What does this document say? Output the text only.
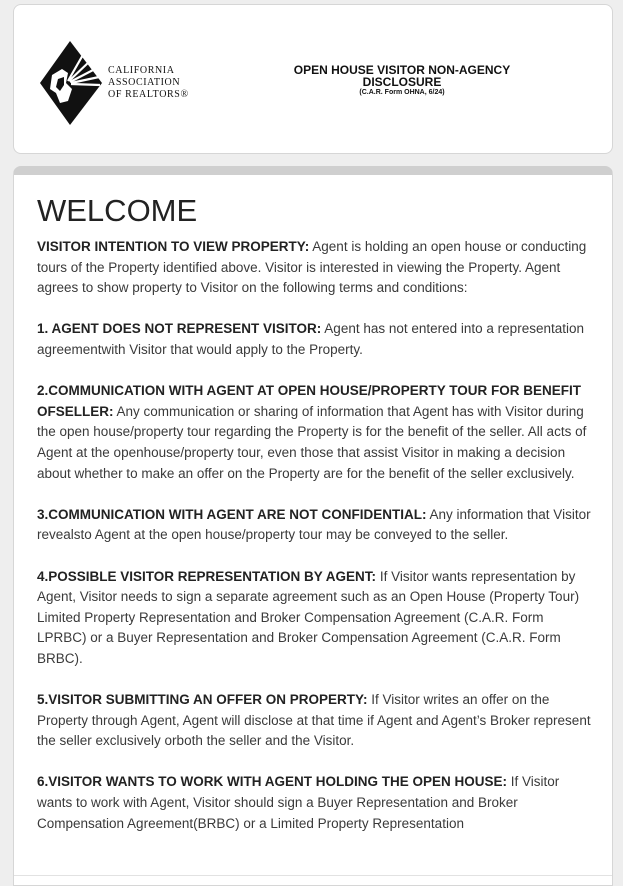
CALIFORNIA
ASSOCIATION
OF REALTORS®
OPEN HOUSE VISITOR NON-AGENCY
DISCLOSURE
(C.A.R. Form OHNA, 6/24)
WELCOME

VISITOR INTENTION TO VIEW PROPERTY: Agent is holding an open house or conducting tours of the Property identified above. Visitor is interested in viewing the Property. Agent agrees to show property to Visitor on the following terms and conditions:

1. AGENT DOES NOT REPRESENT VISITOR: Agent has not entered into a representation agreementwith Visitor that would apply to the Property.

2.COMMUNICATION WITH AGENT AT OPEN HOUSE/PROPERTY TOUR FOR BENEFIT OFSELLER: Any communication or sharing of information that Agent has with Visitor during the open house/property tour regarding the Property is for the benefit of the seller. All acts of Agent at the openhouse/property tour, even those that assist Visitor in making a decision about whether to make an offer on the Property are for the benefit of the seller exclusively.

3.COMMUNICATION WITH AGENT ARE NOT CONFIDENTIAL: Any information that Visitor revealsto Agent at the open house/property tour may be conveyed to the seller.

4.POSSIBLE VISITOR REPRESENTATION BY AGENT: If Visitor wants representation by Agent, Visitor needs to sign a separate agreement such as an Open House (Property Tour) Limited Property Representation and Broker Compensation Agreement (C.A.R. Form LPRBC) or a Buyer Representation and Broker Compensation Agreement (C.A.R. Form BRBC).

5.VISITOR SUBMITTING AN OFFER ON PROPERTY: If Visitor writes an offer on the Property through Agent, Agent will disclose at that time if Agent and Agent’s Broker represent the seller exclusively orboth the seller and the Visitor.

6.VISITOR WANTS TO WORK WITH AGENT HOLDING THE OPEN HOUSE: If Visitor wants to work with Agent, Visitor should sign a Buyer Representation and Broker Compensation Agreement(BRBC) or a Limited Property Representation
